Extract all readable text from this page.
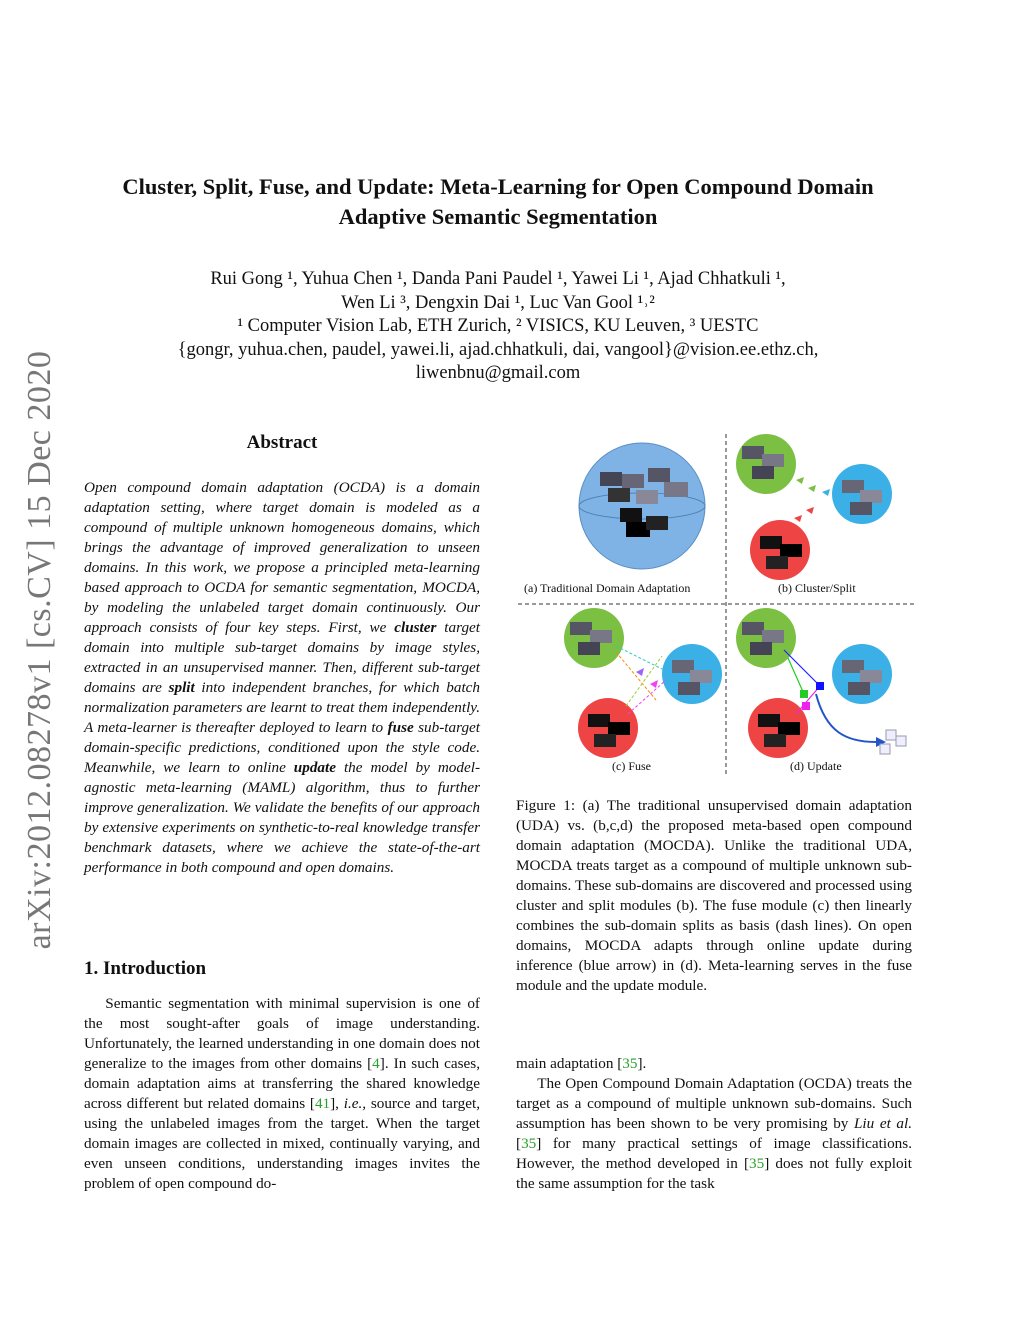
arXiv:2012.08278v1 [cs.CV] 15 Dec 2020
Cluster, Split, Fuse, and Update: Meta-Learning for Open Compound Domain
Adaptive Semantic Segmentation
Rui Gong ¹, Yuhua Chen ¹, Danda Pani Paudel ¹, Yawei Li ¹, Ajad Chhatkuli ¹,
Wen Li ³, Dengxin Dai ¹, Luc Van Gool ¹˒²
¹ Computer Vision Lab, ETH Zurich, ² VISICS, KU Leuven, ³ UESTC
{gongr, yuhua.chen, paudel, yawei.li, ajad.chhatkuli, dai, vangool}@vision.ee.ethz.ch,
liwenbnu@gmail.com
Abstract
Open compound domain adaptation (OCDA) is a domain adaptation setting, where target domain is modeled as a compound of multiple unknown homogeneous domains, which brings the advantage of improved generalization to unseen domains. In this work, we propose a principled meta-learning based approach to OCDA for semantic segmentation, MOCDA, by modeling the unlabeled target domain continuously. Our approach consists of four key steps. First, we cluster target domain into multiple sub-target domains by image styles, extracted in an unsupervised manner. Then, different sub-target domains are split into independent branches, for which batch normalization parameters are learnt to treat them independently. A meta-learner is thereafter deployed to learn to fuse sub-target domain-specific predictions, conditioned upon the style code. Meanwhile, we learn to online update the model by model-agnostic meta-learning (MAML) algorithm, thus to further improve generalization. We validate the benefits of our approach by extensive experiments on synthetic-to-real knowledge transfer benchmark datasets, where we achieve the state-of-the-art performance in both compound and open domains.
1. Introduction

Semantic segmentation with minimal supervision is one of the most sought-after goals of image understanding. Unfortunately, the learned understanding in one domain does not generalize to the images from other domains [4]. In such cases, domain adaptation aims at transferring the shared knowledge across different but related domains [41], i.e., source and target, using the unlabeled images from the target. When the target domain images are collected in mixed, continually varying, and even unseen conditions, understanding images invites the problem of open compound do-

(a) Traditional Domain Adaptation	(b) Cluster/Split
(c) Fuse	(d) Update
Figure 1: (a) The traditional unsupervised domain adaptation (UDA) vs. (b,c,d) the proposed meta-based open compound domain adaptation (MOCDA). Unlike the traditional UDA, MOCDA treats target as a compound of multiple unknown sub-domains. These sub-domains are discovered and processed using cluster and split modules (b). The fuse module (c) then linearly combines the sub-domain splits as basis (dash lines). On open domains, MOCDA adapts through online update during inference (blue arrow) in (d). Meta-learning serves in the fuse module and the update module.

main adaptation [35].

The Open Compound Domain Adaptation (OCDA) treats the target as a compound of multiple unknown sub-domains. Such assumption has been shown to be very promising by Liu et al. [35] for many practical settings of image classifications. However, the method developed in [35] does not fully exploit the same assumption for the task
